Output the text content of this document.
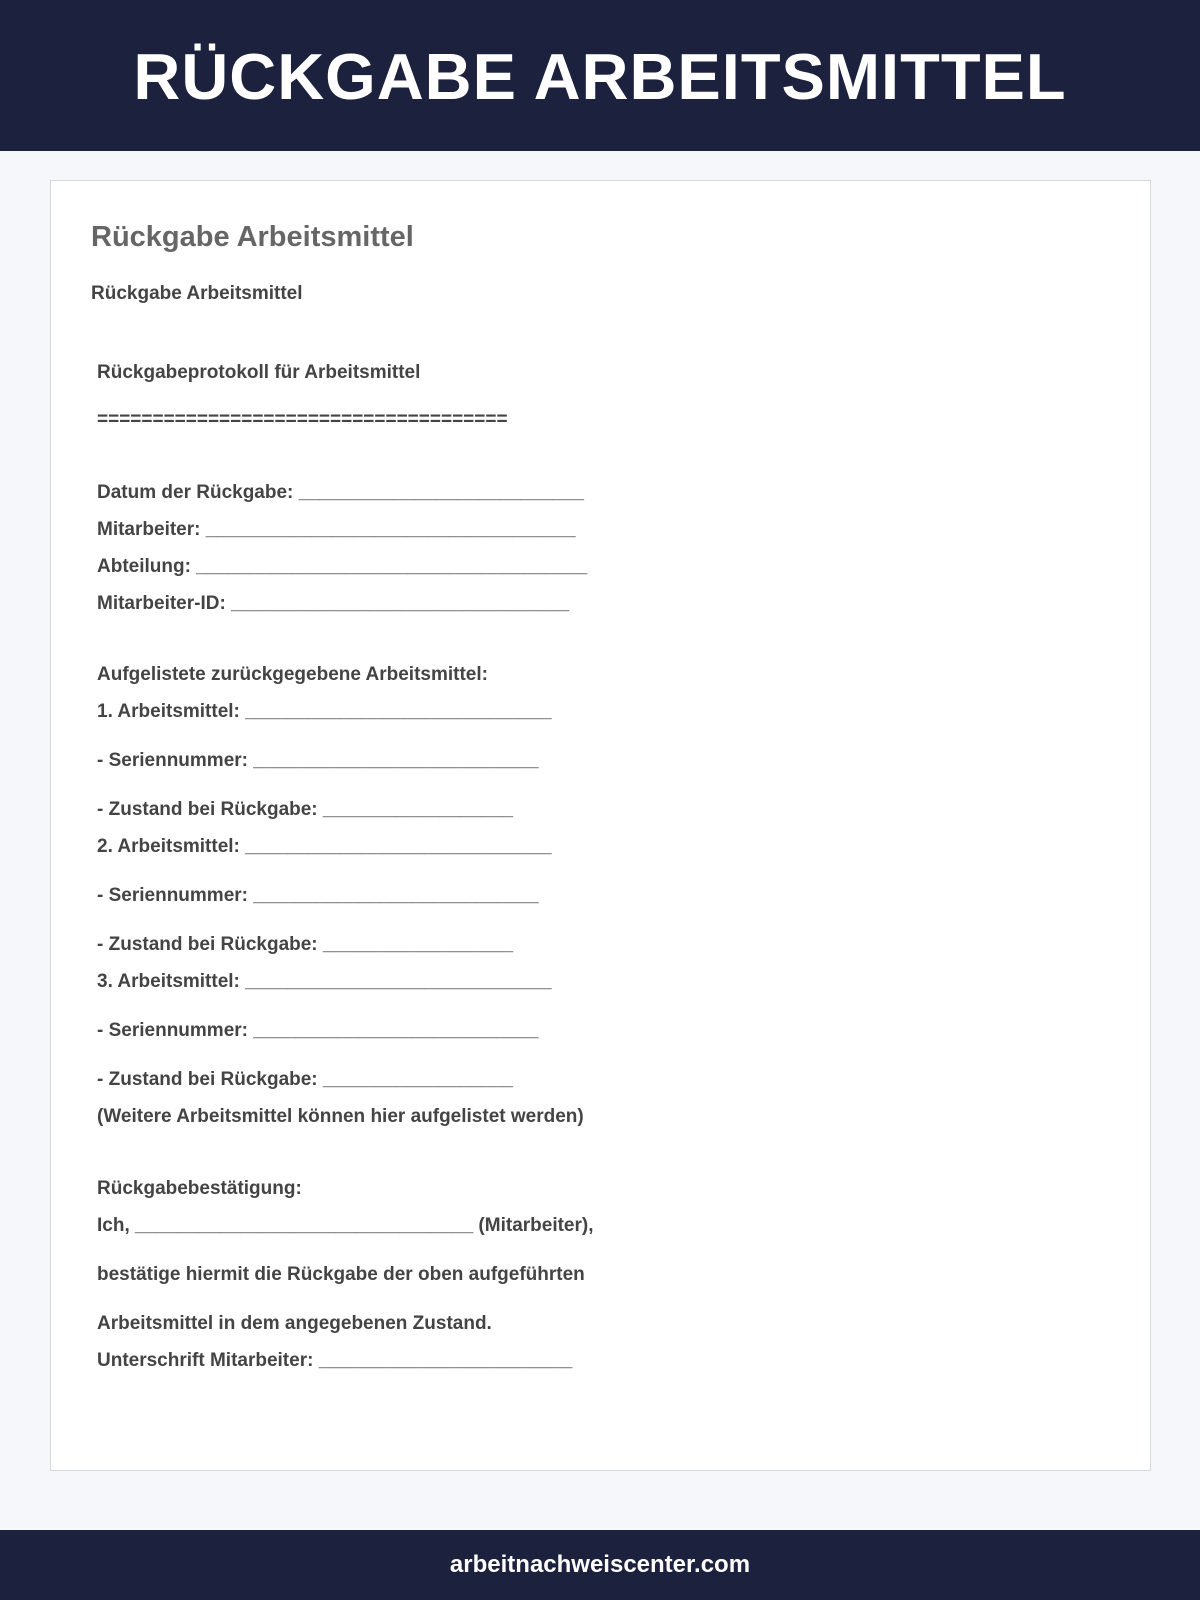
RÜCKGABE ARBEITSMITTEL
Rückgabe Arbeitsmittel
Rückgabe Arbeitsmittel
Rückgabeprotokoll für Arbeitsmittel
=====================================
Datum der Rückgabe: ___________________________
Mitarbeiter: ___________________________________
Abteilung: _____________________________________
Mitarbeiter-ID: ________________________________
Aufgelistete zurückgegebene Arbeitsmittel:
1. Arbeitsmittel: _____________________________
- Seriennummer: ___________________________
- Zustand bei Rückgabe: __________________
2. Arbeitsmittel: _____________________________
- Seriennummer: ___________________________
- Zustand bei Rückgabe: __________________
3. Arbeitsmittel: _____________________________
- Seriennummer: ___________________________
- Zustand bei Rückgabe: __________________
(Weitere Arbeitsmittel können hier aufgelistet werden)
Rückgabebestätigung:
Ich, ________________________________ (Mitarbeiter),
bestätige hiermit die Rückgabe der oben aufgeführten
Arbeitsmittel in dem angegebenen Zustand.
Unterschrift Mitarbeiter: ________________________
arbeitnachweiscenter.com
